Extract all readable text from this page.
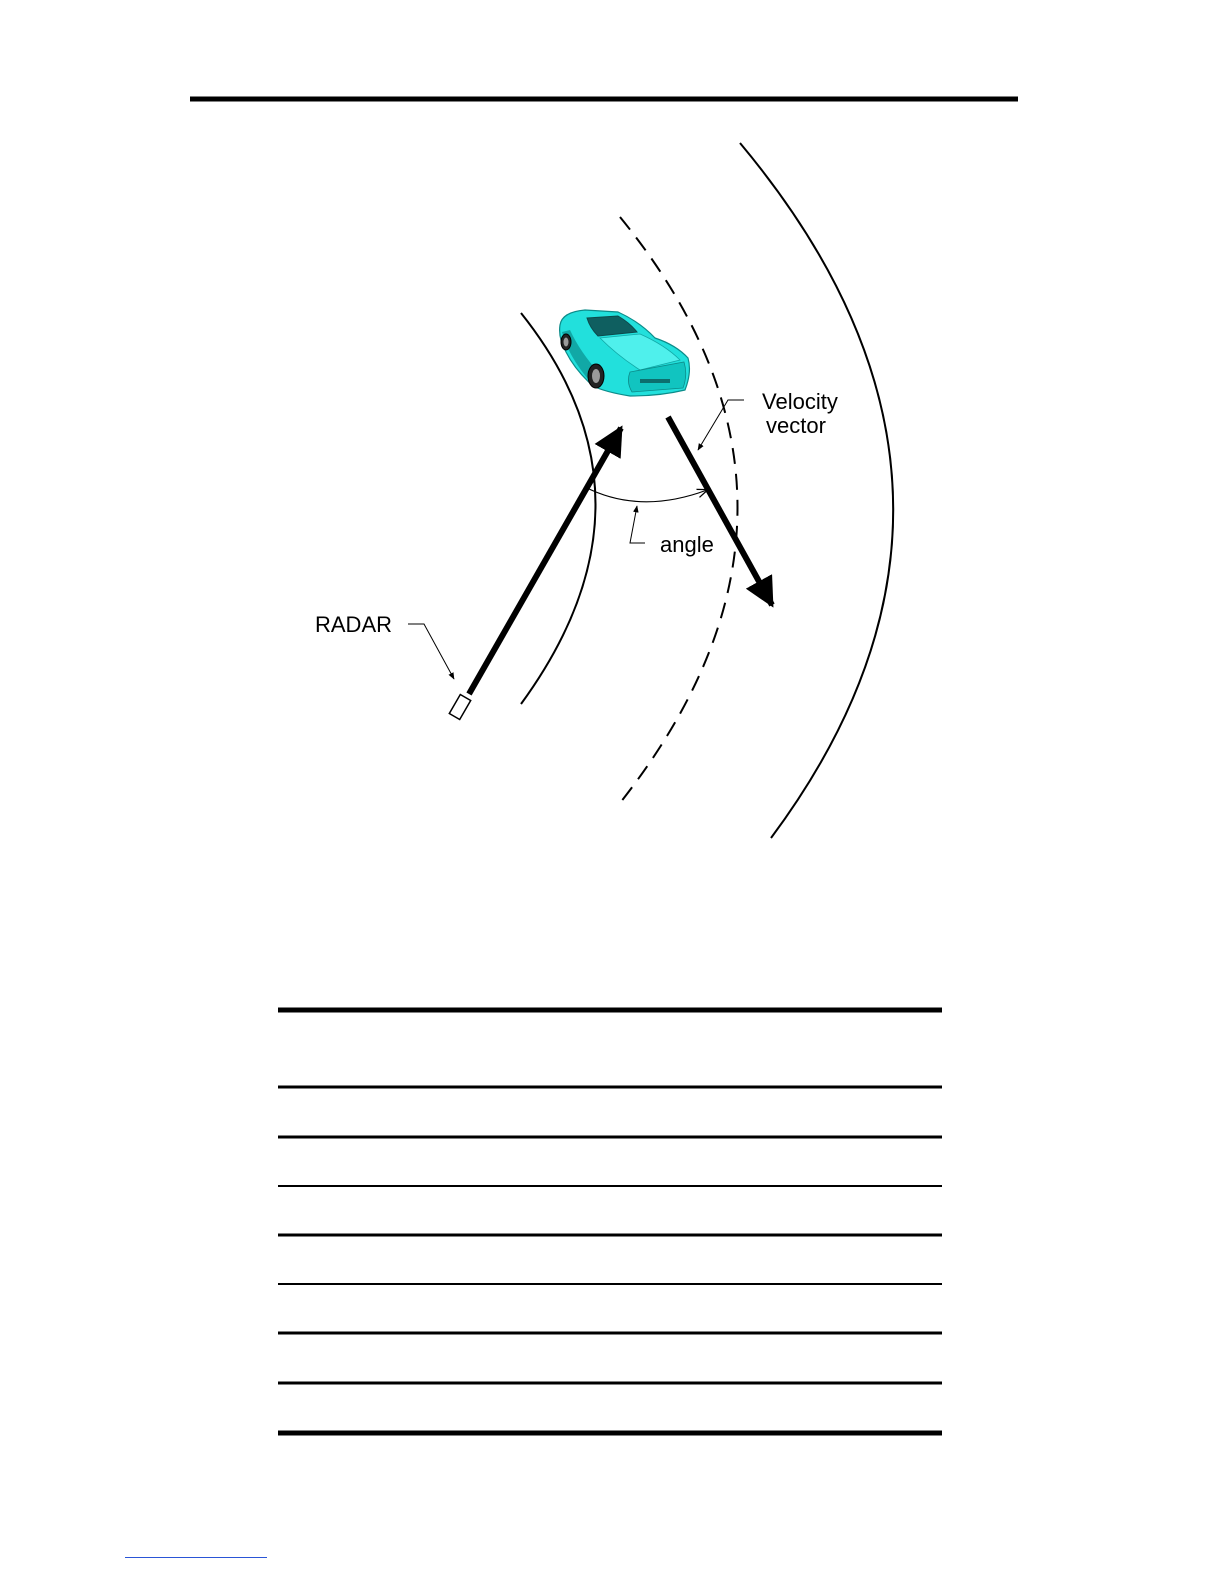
Velocity
vector
angle
RADAR
